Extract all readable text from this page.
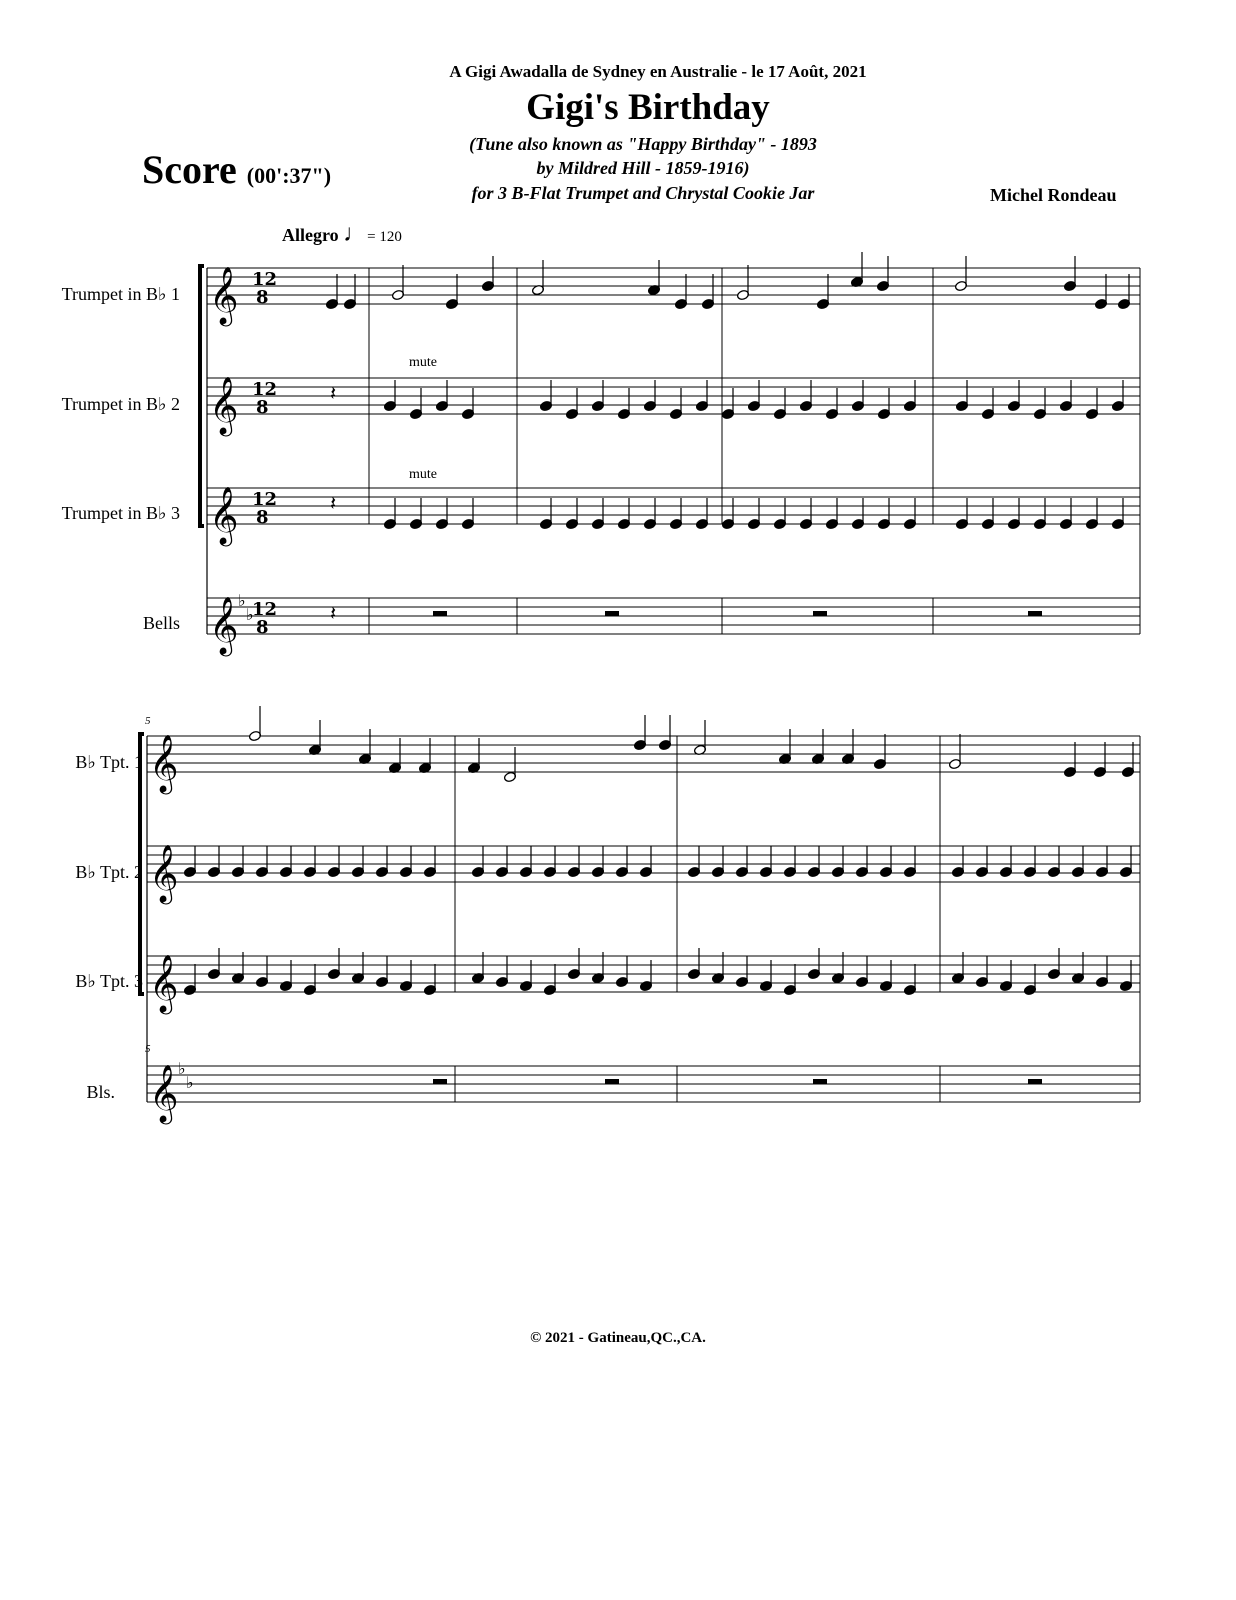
A Gigi Awadalla de Sydney en Australie - le 17 Août, 2021
Gigi's Birthday
(Tune also known as "Happy Birthday" - 1893
by Mildred Hill - 1859-1916)
for 3 B-Flat Trumpet and Chrystal Cookie Jar
Score (00':37")
Michel Rondeau
Allegro ♩= 120
Trumpet in B♭ 1
Trumpet in B♭ 2
Trumpet in B♭ 3
Bells
B♭ Tpt. 1
B♭ Tpt. 2
B♭ Tpt. 3
Bls.
mute
mute
5
5
𝄞
𝄞
𝄞
𝄞
12
8
12
8
12
8
12
8
♭
♭
𝄽
𝄽
𝄽
𝄞
𝄞
𝄞
𝄞 ♭
♭
© 2021 - Gatineau,QC.,CA.
